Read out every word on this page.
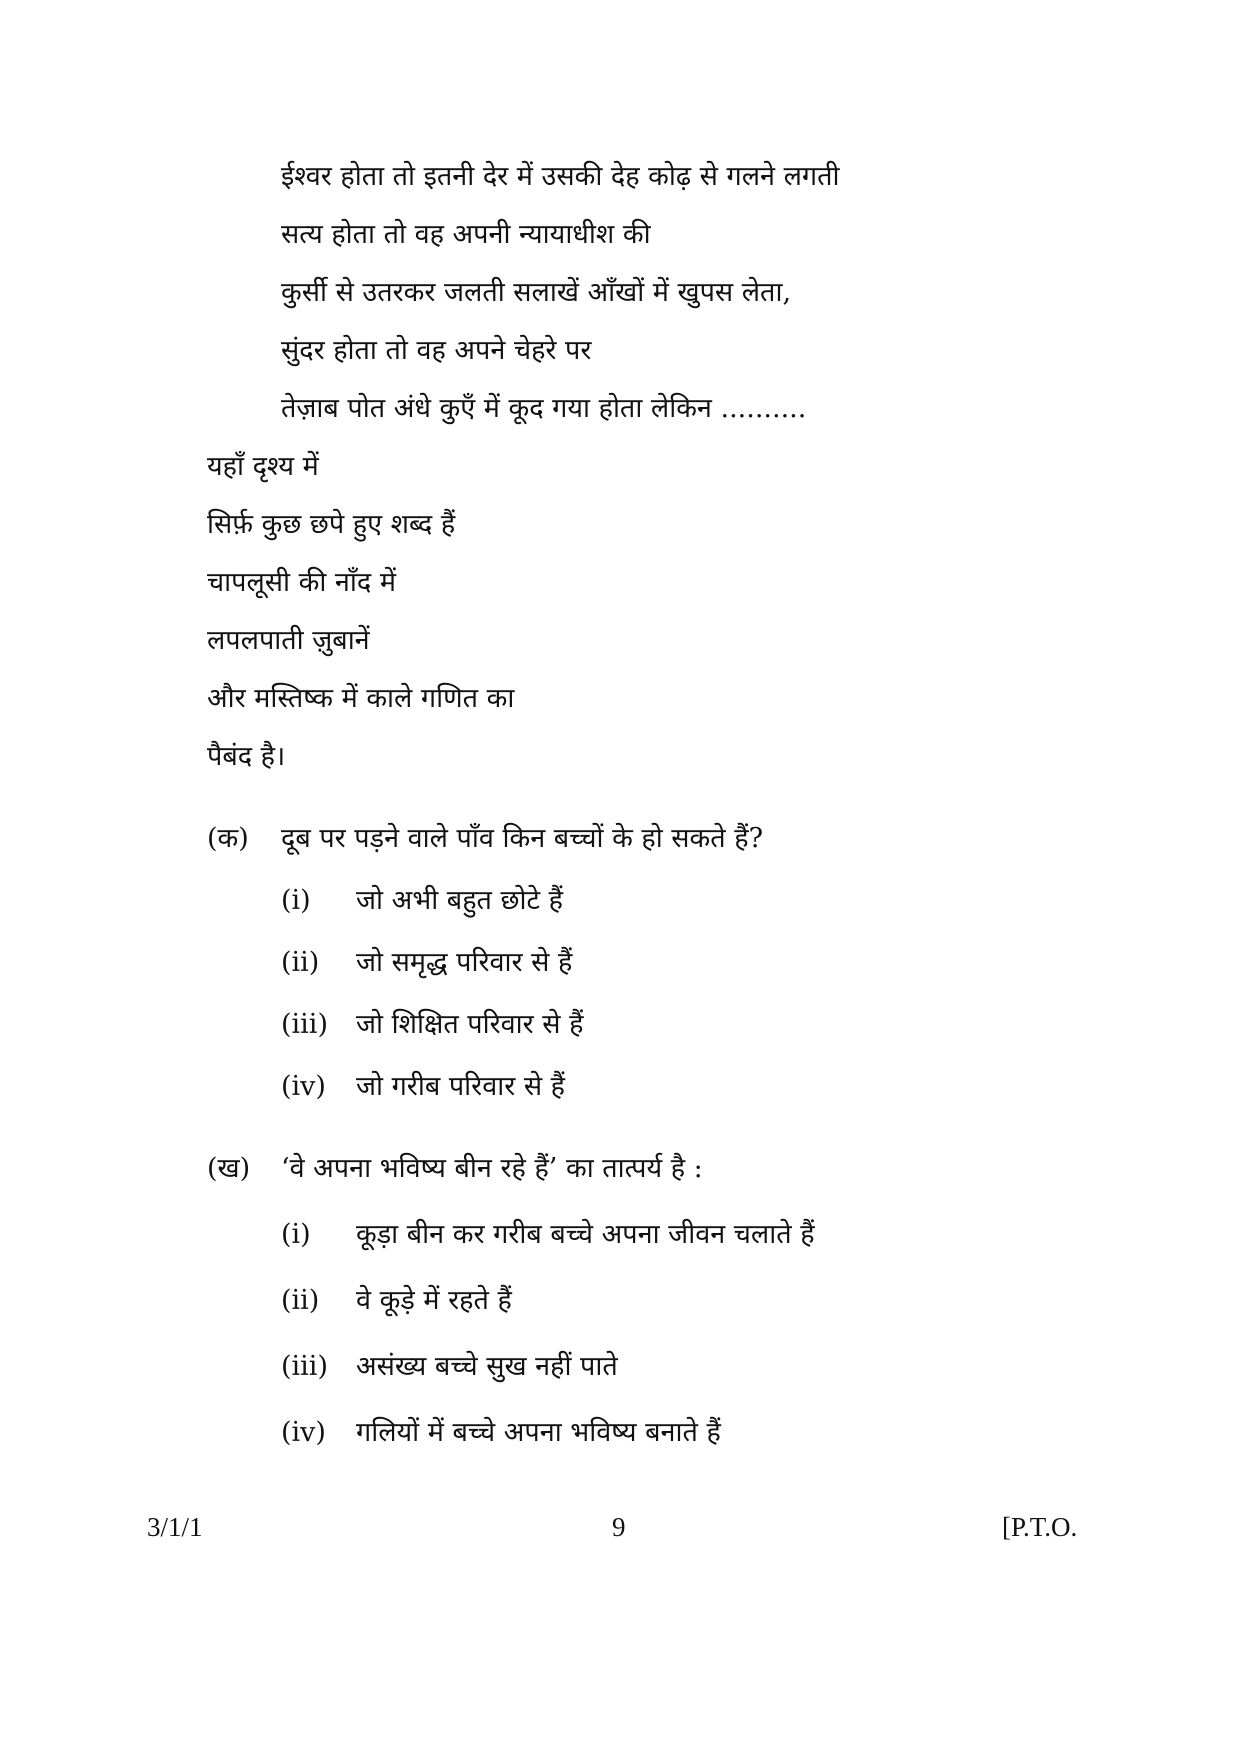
ईश्वर होता तो इतनी देर में उसकी देह कोढ़ से गलने लगती
सत्य होता तो वह अपनी न्यायाधीश की
कुर्सी से उतरकर जलती सलाखें आँखों में खुपस लेता,
सुंदर होता तो वह अपने चेहरे पर
तेज़ाब पोत अंधे कुएँ में कूद गया होता लेकिन ..........
यहाँ दृश्य में
सिर्फ़ कुछ छपे हुए शब्द हैं
चापलूसी की नाँद में
लपलपाती ज़ुबानें
और मस्तिष्क में काले गणित का
पैबंद है।
(क) दूब पर पड़ने वाले पाँव किन बच्चों के हो सकते हैं?
(i) जो अभी बहुत छोटे हैं
(ii) जो समृद्ध परिवार से हैं
(iii) जो शिक्षित परिवार से हैं
(iv) जो गरीब परिवार से हैं
(ख) ‘वे अपना भविष्य बीन रहे हैं’ का तात्पर्य है :
(i) कूड़ा बीन कर गरीब बच्चे अपना जीवन चलाते हैं
(ii) वे कूड़े में रहते हैं
(iii) असंख्य बच्चे सुख नहीं पाते
(iv) गलियों में बच्चे अपना भविष्य बनाते हैं
3/1/1	9	[P.T.O.
